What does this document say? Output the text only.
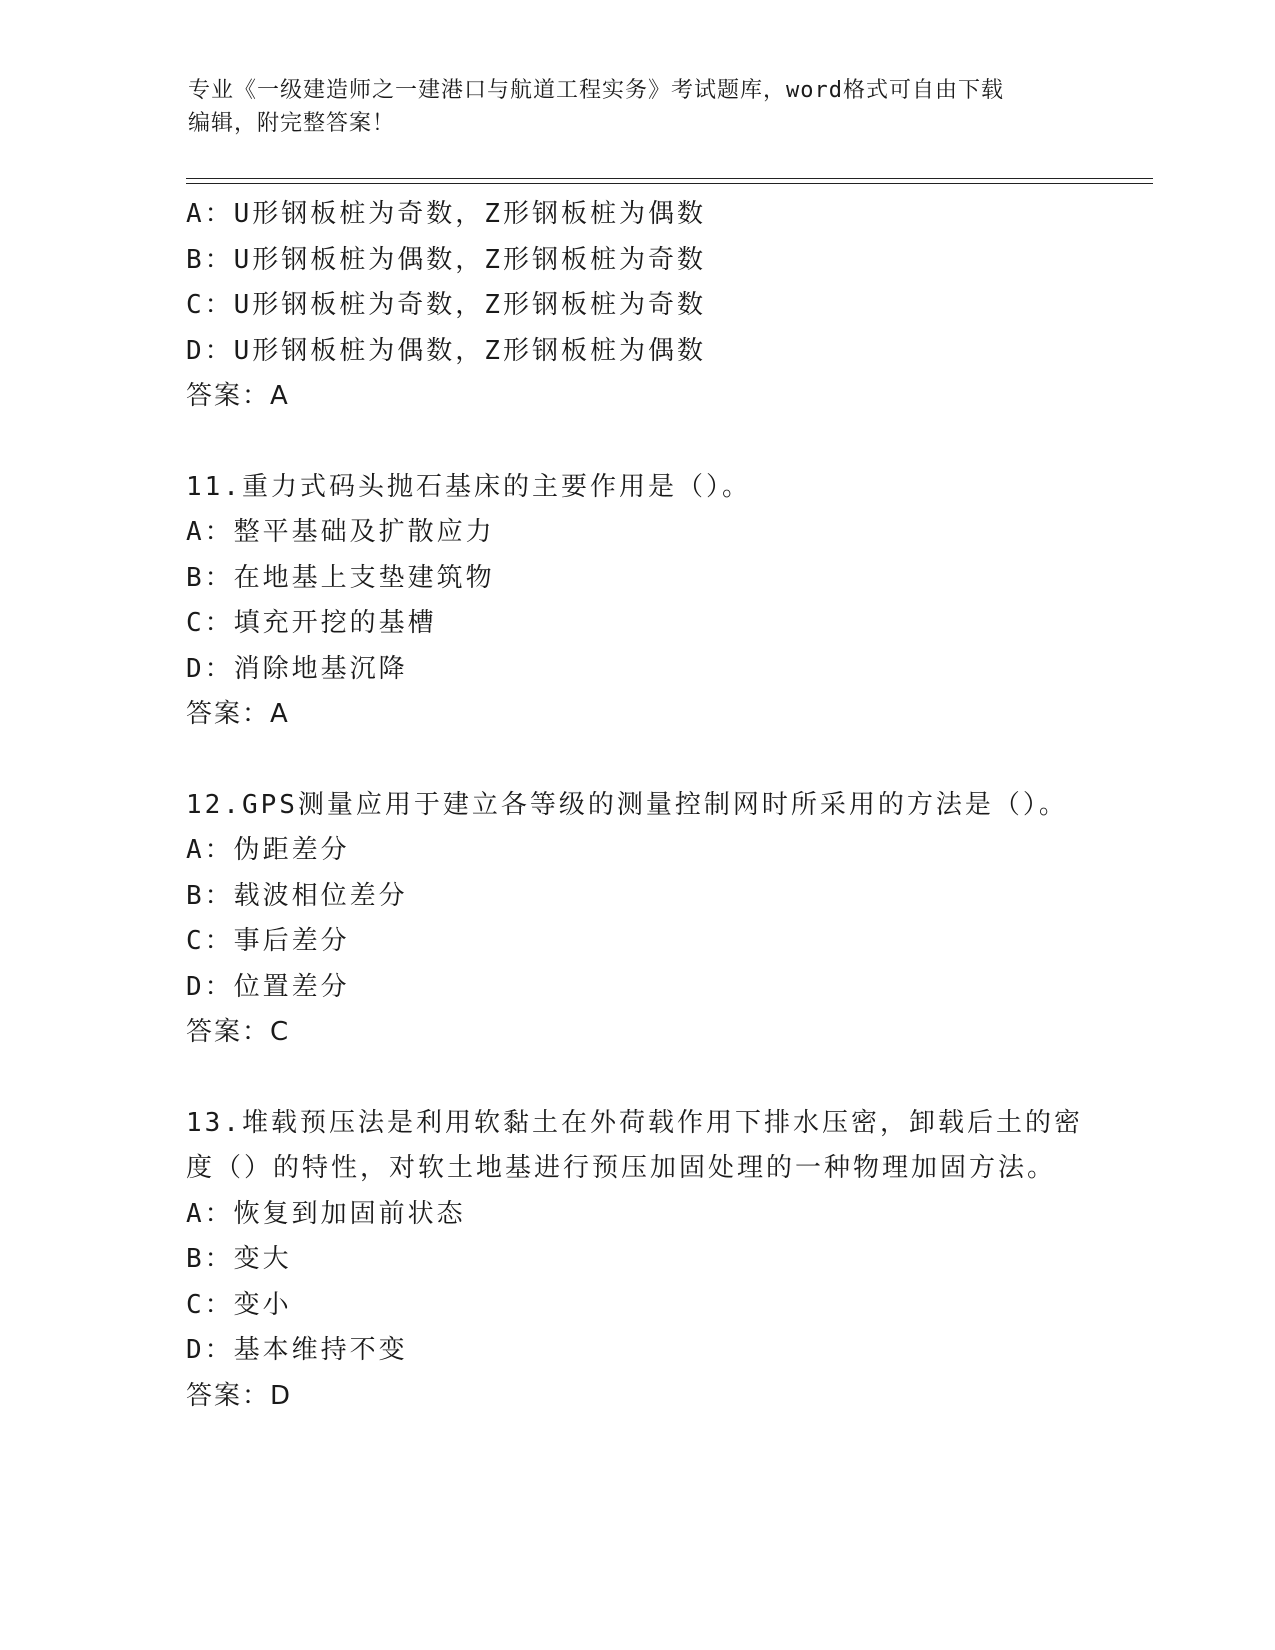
专业《一级建造师之一建港口与航道工程实务》考试题库，word格式可自由下载
编辑，附完整答案！
A：U形钢板桩为奇数，Z形钢板桩为偶数
B：U形钢板桩为偶数，Z形钢板桩为奇数
C：U形钢板桩为奇数，Z形钢板桩为奇数
D：U形钢板桩为偶数，Z形钢板桩为偶数
答案：A
11.重力式码头抛石基床的主要作用是（）。
A：整平基础及扩散应力
B：在地基上支垫建筑物
C：填充开挖的基槽
D：消除地基沉降
答案：A
12.GPS测量应用于建立各等级的测量控制网时所采用的方法是（）。
A：伪距差分
B：载波相位差分
C：事后差分
D：位置差分
答案：C
13.堆载预压法是利用软黏土在外荷载作用下排水压密，卸载后土的密
度（）的特性，对软土地基进行预压加固处理的一种物理加固方法。
A：恢复到加固前状态
B：变大
C：变小
D：基本维持不变
答案：D
